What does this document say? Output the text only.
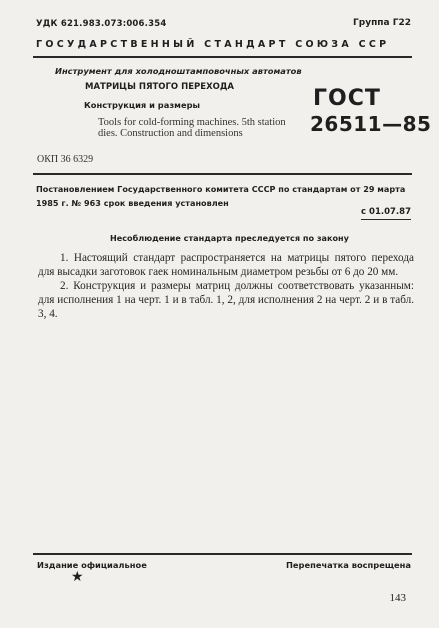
УДК 621.983.073:006.354	Группа Г22
ГОСУДАРСТВЕННЫЙ СТАНДАРТ СОЮЗА ССР
Инструмент для холодноштамповочных автоматов
МАТРИЦЫ ПЯТОГО ПЕРЕХОДА
Конструкция и размеры
Tools for cold-forming machines. 5th station dies. Construction and dimensions
ГОСТ
26511—85
ОКП 36 6329
Постановлением Государственного комитета СССР по стандартам от 29 марта 1985 г. № 963 срок введения установлен
с 01.07.87
Несоблюдение стандарта преследуется по закону

1. Настоящий стандарт распространяется на матрицы пятого перехода для высадки заготовок гаек номинальным диаметром резьбы от 6 до 20 мм.

2. Конструкция и размеры матриц должны соответствовать указанным: для исполнения 1 на черт. 1 и в табл. 1, 2, для исполнения 2 на черт. 2 и в табл. 3, 4.

Издание официальное	Перепечатка воспрещена
★
143
